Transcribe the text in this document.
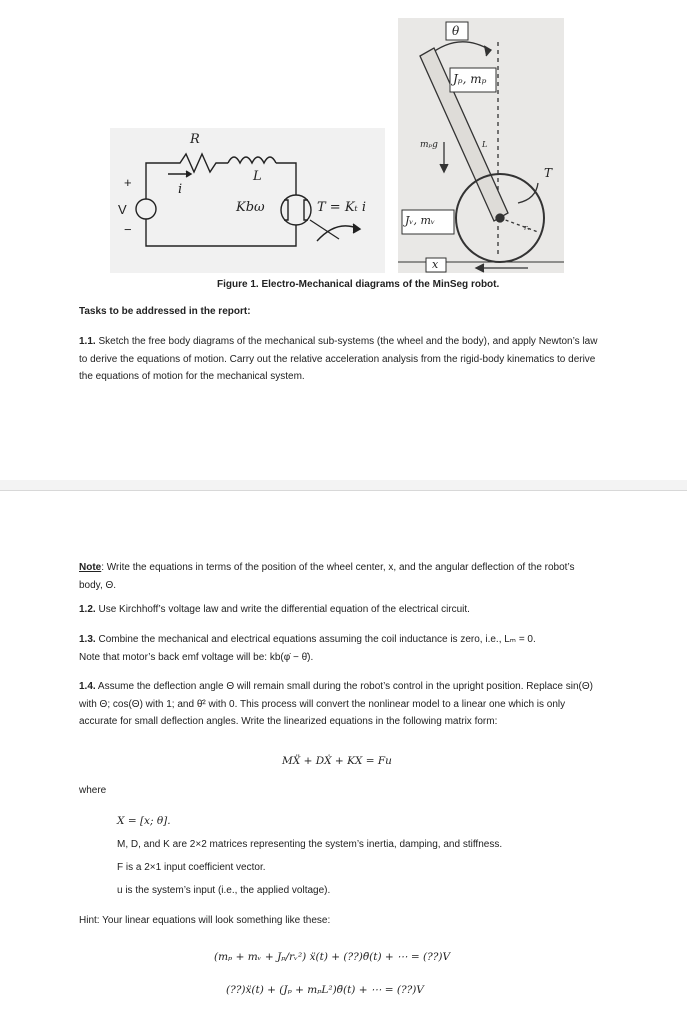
R
L
i
+
V
−
Kbω	T = Kₜ i
θ
Jₚ, mₚ
mₚg	L
T
Jᵥ, mᵥ
x
rᵥ
Figure 1. Electro-Mechanical diagrams of the MinSeg robot.
Tasks to be addressed in the report:
1.1. Sketch the free body diagrams of the mechanical sub-systems (the wheel and the body), and apply Newton’s law to derive the equations of motion. Carry out the relative acceleration analysis from the rigid-body kinematics to derive the equations of motion for the mechanical system.
Note: Write the equations in terms of the position of the wheel center, x, and the angular deflection of the robot’s body, Θ.
1.2. Use Kirchhoff’s voltage law and write the differential equation of the electrical circuit.
1.3. Combine the mechanical and electrical equations assuming the coil inductance is zero, i.e., Lₘ = 0.
Note that motor’s back emf voltage will be: kb(φ̇ − θ̇).
1.4. Assume the deflection angle Θ will remain small during the robot’s control in the upright position. Replace sin(Θ) with Θ; cos(Θ) with 1; and θ̇² with 0. This process will convert the nonlinear model to a linear one which is only accurate for small deflection angles. Write the linearized equations in the following matrix form:
MẌ + DẊ + KX = Fu
where
X = [x; θ].
M, D, and K are 2×2 matrices representing the system’s inertia, damping, and stiffness.
F is a 2×1 input coefficient vector.
u is the system’s input (i.e., the applied voltage).
Hint: Your linear equations will look something like these:
(mₚ + mᵥ + Jₚ/rᵥ²) ẍ(t) + (??)θ̈(t) + ⋯ = (??)V
(??)ẍ(t) + (Jₚ + mₚL²)θ̈(t) + ⋯ = (??)V
